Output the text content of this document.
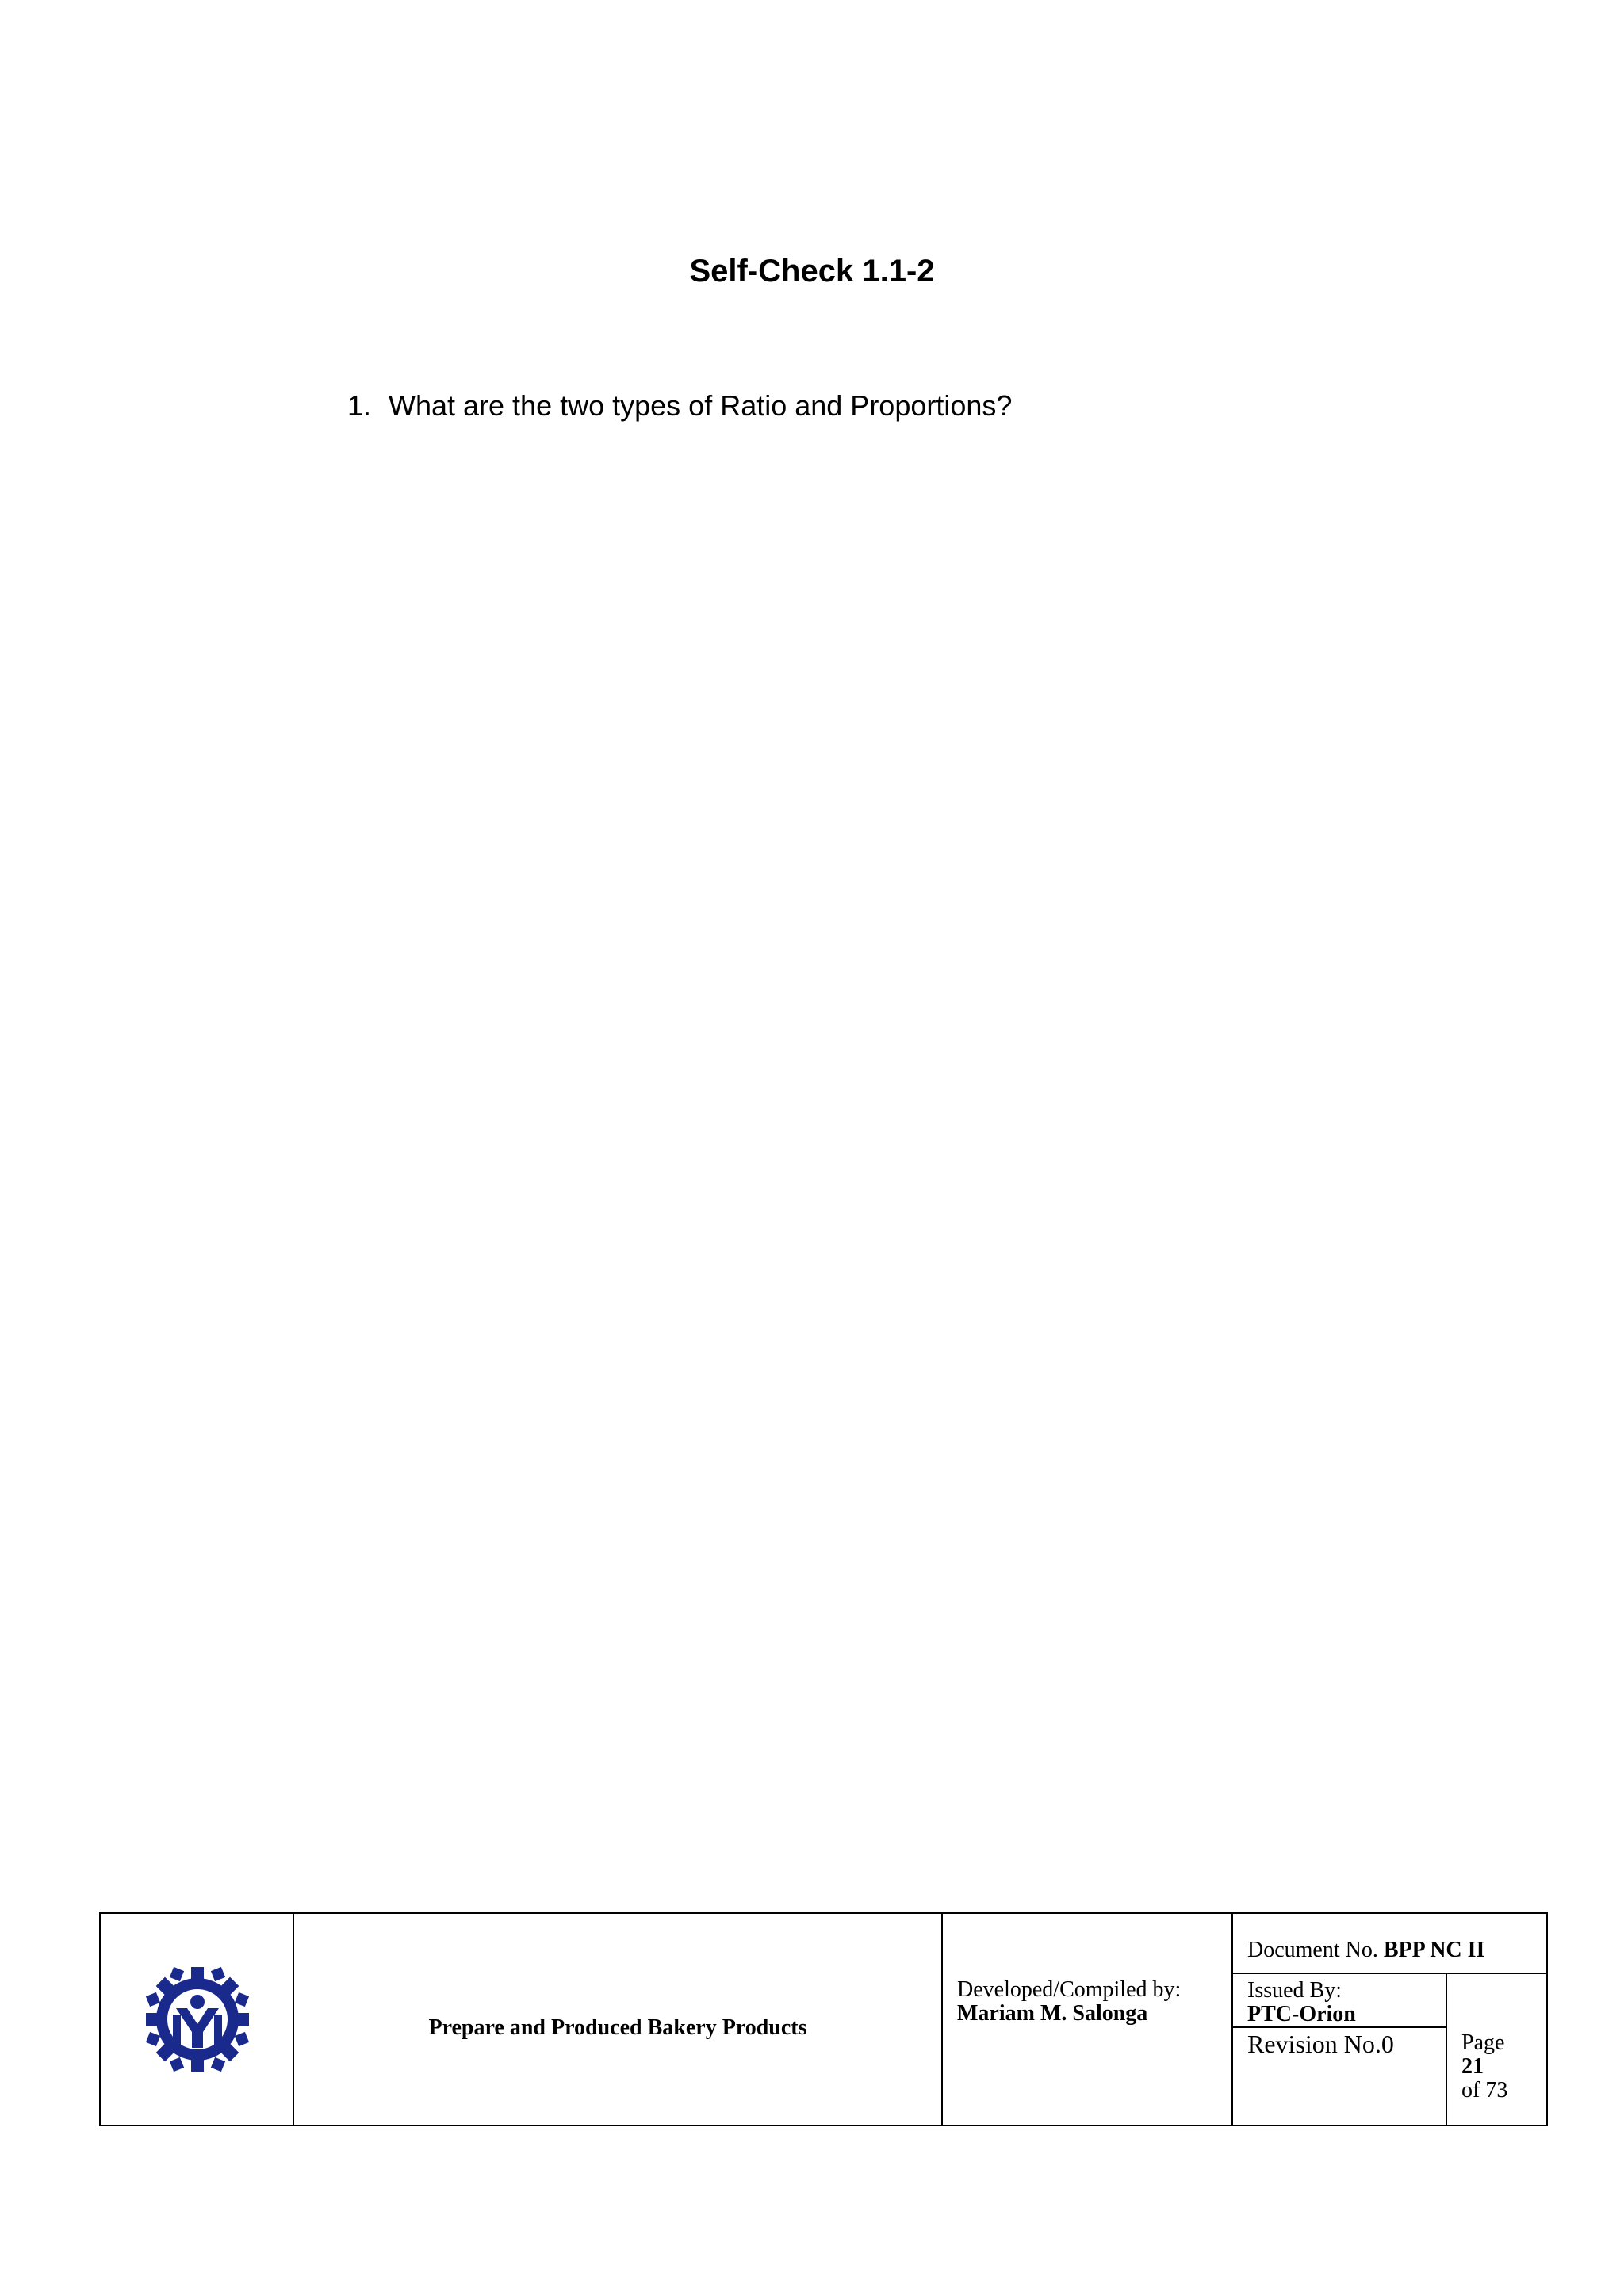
Self-Check 1.1-2
1. What are the two types of Ratio and Proportions?
Prepare and Produced Bakery Products
Developed/Compiled by:
Mariam M. Salonga
Document No. BPP NC II
Issued By:
PTC-Orion
Revision No.0	Page
21
of 73
